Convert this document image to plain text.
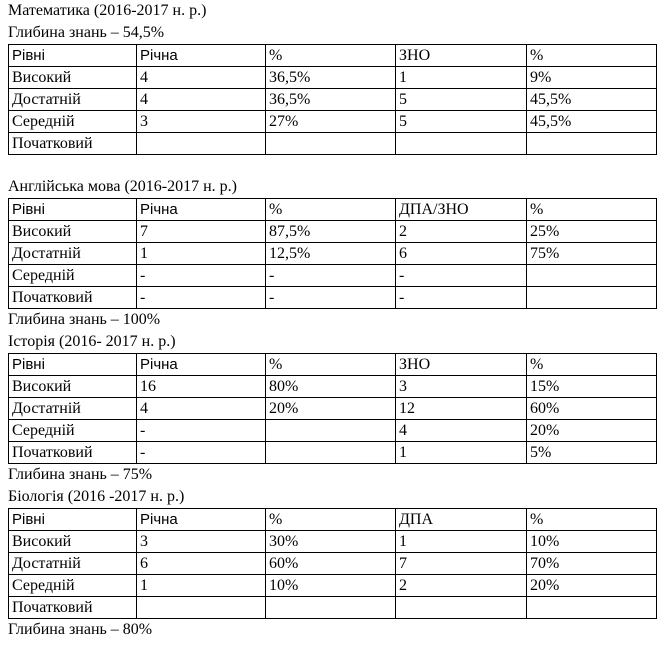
Математика (2016-2017 н. р.)
Глибина знань – 54,5%
Рівні	Річна	%	ЗНО	%
Високий	4	36,5%	1	9%
Достатній	4	36,5%	5	45,5%
Середній	3	27%	5	45,5%
Початковий				
Англійська мова (2016-2017 н. р.)
Рівні	Річна	%	ДПА/ЗНО	%
Високий	7	87,5%	2	25%
Достатній	1	12,5%	6	75%
Середній	-	-	-	
Початковий	-	-	-	
Глибина знань – 100%
Історія (2016- 2017 н. р.)
Рівні	Річна	%	ЗНО	%
Високий	16	80%	3	15%
Достатній	4	20%	12	60%
Середній	-		4	20%
Початковий	-		1	5%
Глибина знань – 75%
Біологія (2016 -2017 н. р.)
Рівні	Річна	%	ДПА	%
Високий	3	30%	1	10%
Достатній	6	60%	7	70%
Середній	1	10%	2	20%
Початковий				
Глибина знань – 80%
